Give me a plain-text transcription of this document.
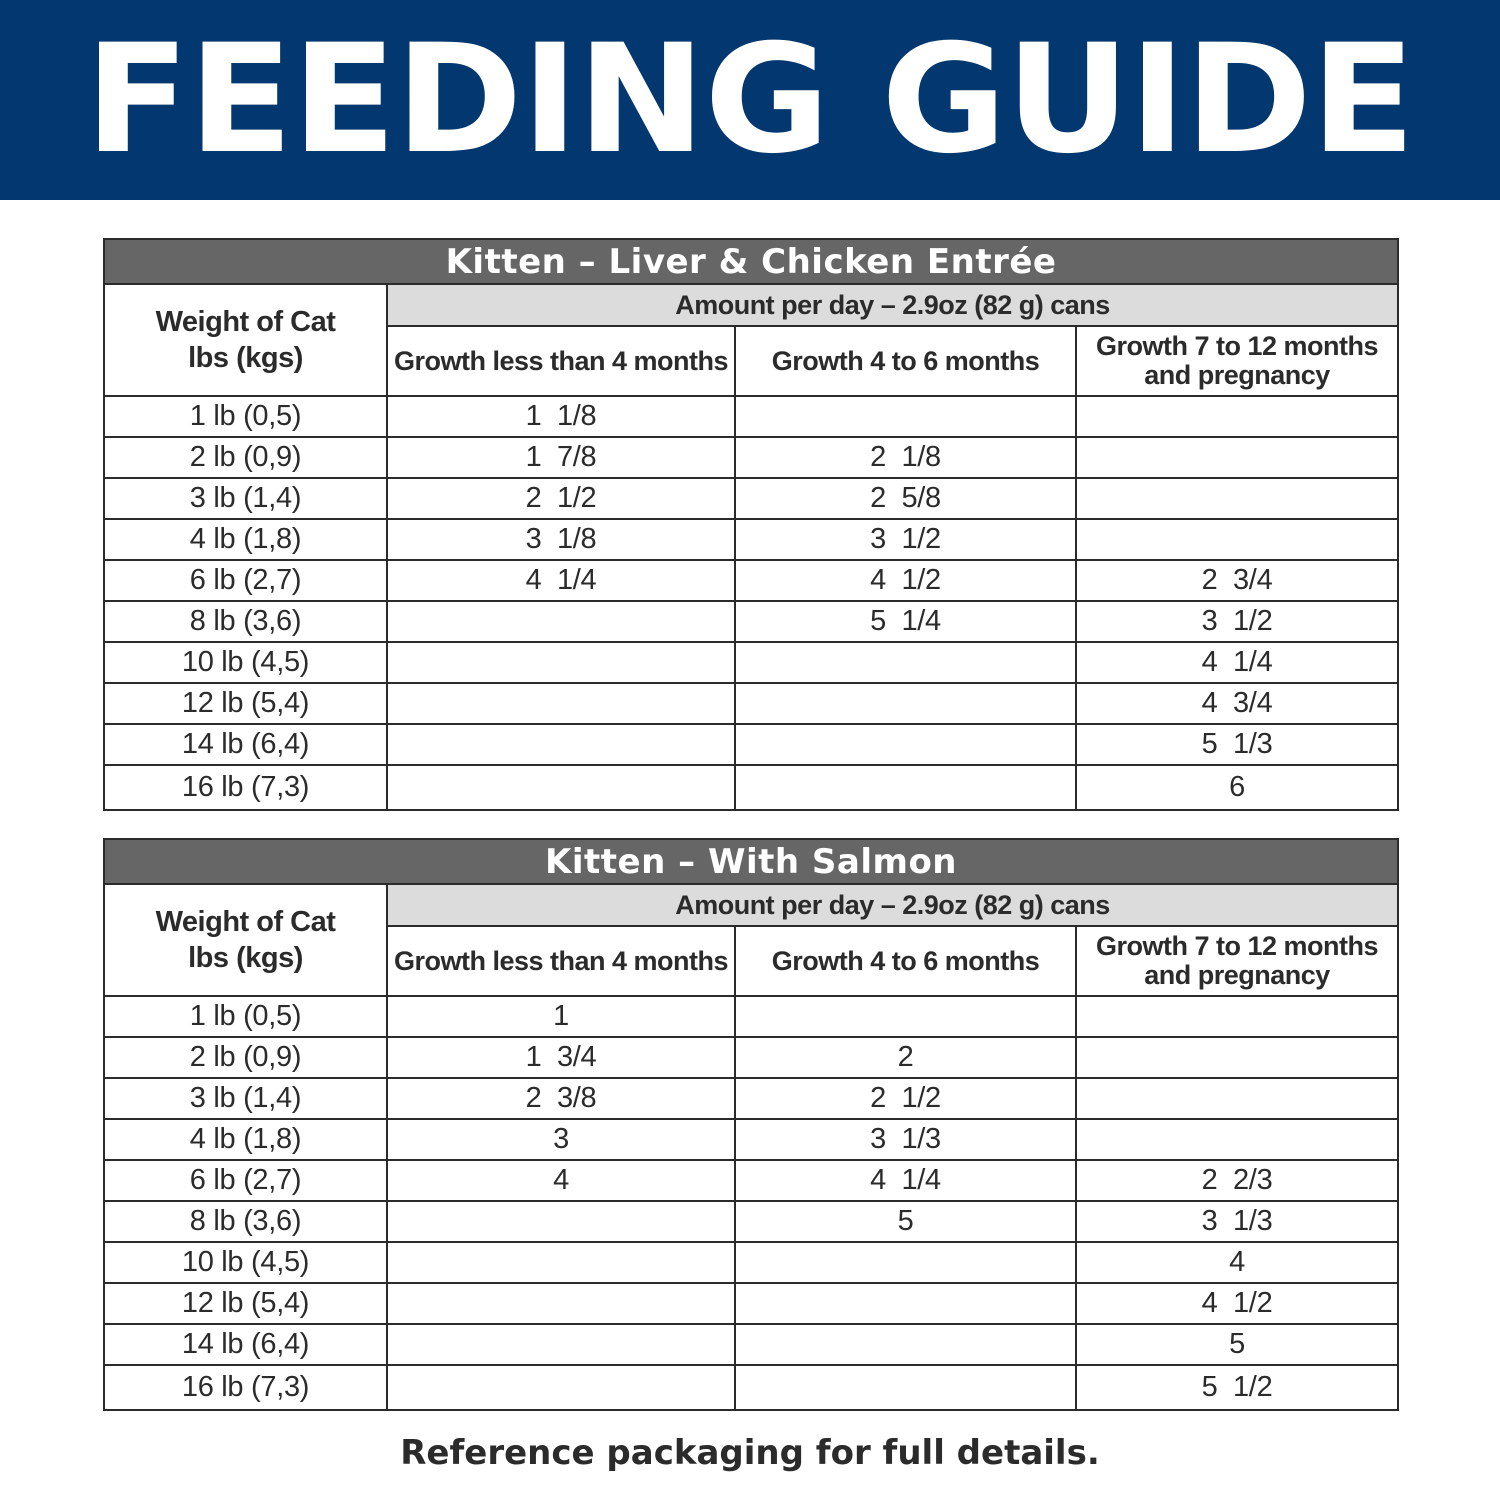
FEEDING GUIDE
Kitten – Liver & Chicken Entrée			
Weight of Cat
lbs (kgs)	Amount per day – 2.9oz (82 g) cans		
	Growth less than 4 months	Growth 4 to 6 months	Growth 7 to 12 months
and pregnancy
1 lb (0,5)	1  1/8		
2 lb (0,9)	1  7/8	2  1/8	
3 lb (1,4)	2  1/2	2  5/8	
4 lb (1,8)	3  1/8	3  1/2	
6 lb (2,7)	4  1/4	4  1/2	2  3/4
8 lb (3,6)		5  1/4	3  1/2
10 lb (4,5)			4  1/4
12 lb (5,4)			4  3/4
14 lb (6,4)			5  1/3
16 lb (7,3)			6
Kitten – With Salmon			
Weight of Cat
lbs (kgs)	Amount per day – 2.9oz (82 g) cans		
	Growth less than 4 months	Growth 4 to 6 months	Growth 7 to 12 months
and pregnancy
1 lb (0,5)	1		
2 lb (0,9)	1  3/4	2	
3 lb (1,4)	2  3/8	2  1/2	
4 lb (1,8)	3	3  1/3	
6 lb (2,7)	4	4  1/4	2  2/3
8 lb (3,6)		5	3  1/3
10 lb (4,5)			4
12 lb (5,4)			4  1/2
14 lb (6,4)			5
16 lb (7,3)			5  1/2
Reference packaging for full details.
